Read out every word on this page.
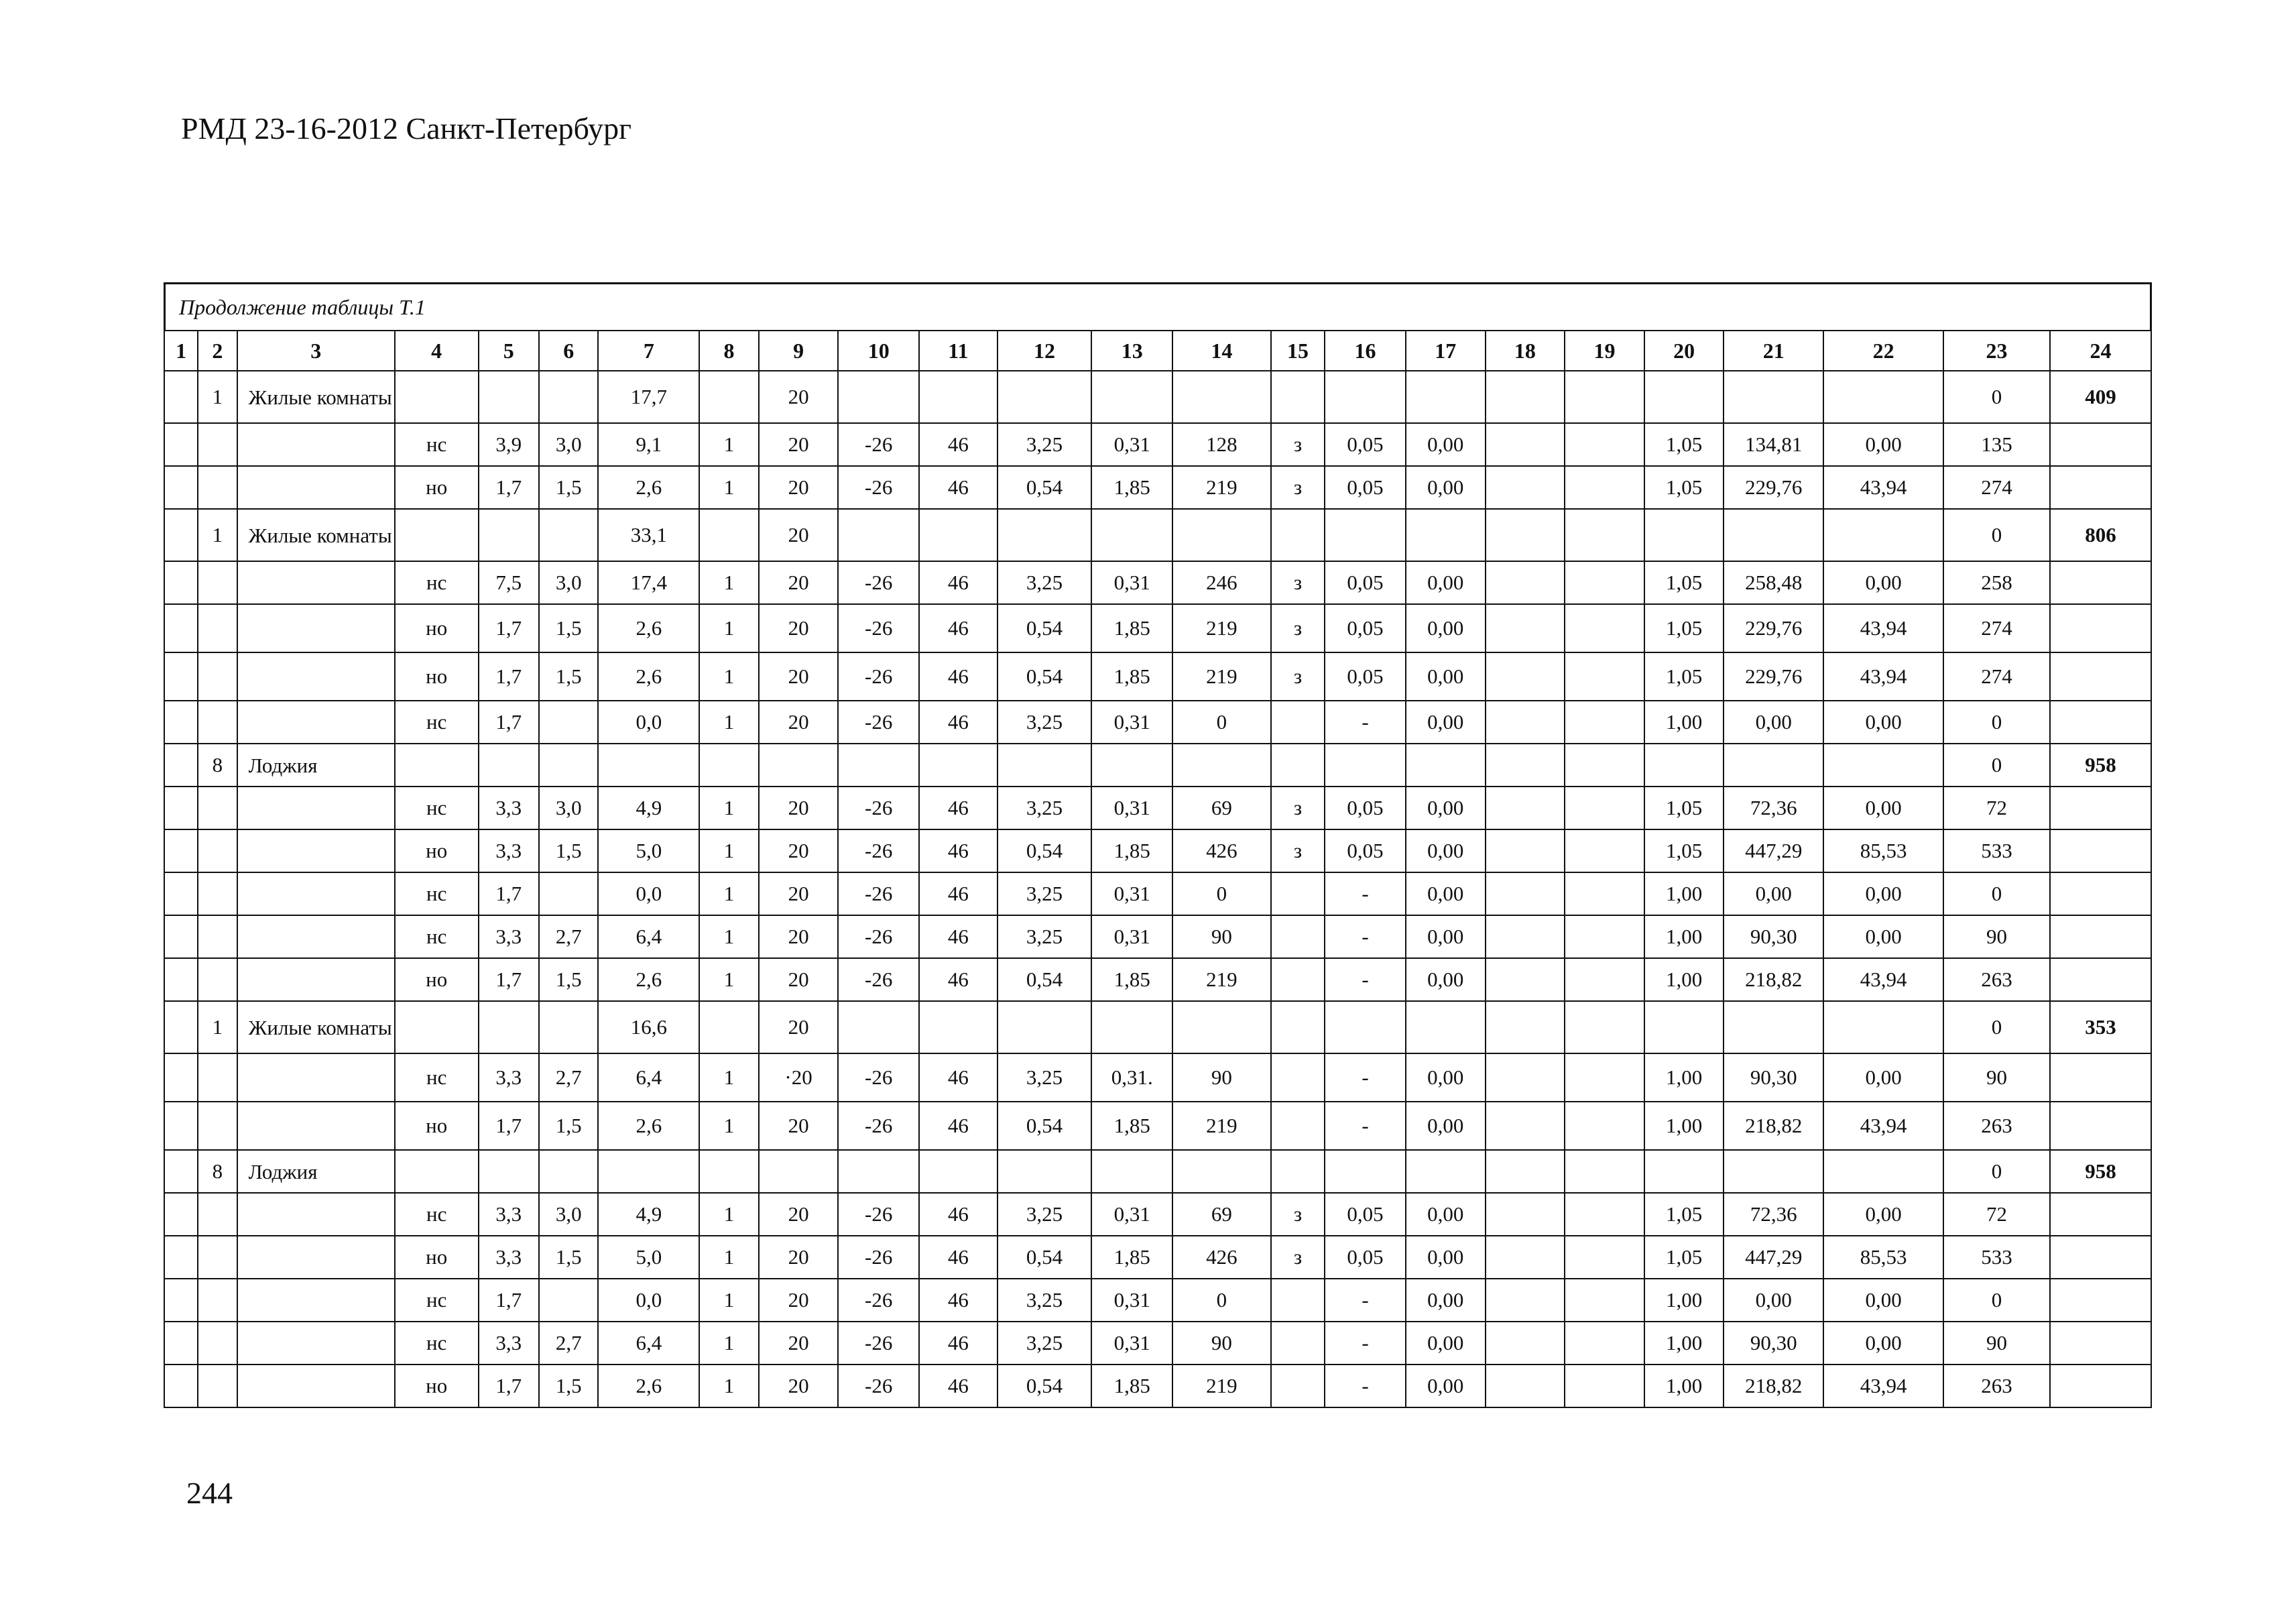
РМД 23-16-2012 Санкт-Петербург
Продолжение таблицы Т.1
1	2	3	4	5	6	7	8	9	10	11	12	13	14	15	16	17	18	19	20	21	22	23	24
	1	Жилые комнаты				17,7		20														0	409
			нс	3,9	3,0	9,1	1	20	-26	46	3,25	0,31	128	з	0,05	0,00			1,05	134,81	0,00	135	
			но	1,7	1,5	2,6	1	20	-26	46	0,54	1,85	219	з	0,05	0,00			1,05	229,76	43,94	274	
	1	Жилые комнаты				33,1		20														0	806
			нс	7,5	3,0	17,4	1	20	-26	46	3,25	0,31	246	з	0,05	0,00			1,05	258,48	0,00	258	
			но	1,7	1,5	2,6	1	20	-26	46	0,54	1,85	219	з	0,05	0,00			1,05	229,76	43,94	274	
			но	1,7	1,5	2,6	1	20	-26	46	0,54	1,85	219	з	0,05	0,00			1,05	229,76	43,94	274	
			нс	1,7		0,0	1	20	-26	46	3,25	0,31	0		-	0,00			1,00	0,00	0,00	0	
	8	Лоджия																				0	958
			нс	3,3	3,0	4,9	1	20	-26	46	3,25	0,31	69	з	0,05	0,00			1,05	72,36	0,00	72	
			но	3,3	1,5	5,0	1	20	-26	46	0,54	1,85	426	з	0,05	0,00			1,05	447,29	85,53	533	
			нс	1,7		0,0	1	20	-26	46	3,25	0,31	0		-	0,00			1,00	0,00	0,00	0	
			нс	3,3	2,7	6,4	1	20	-26	46	3,25	0,31	90		-	0,00			1,00	90,30	0,00	90	
			но	1,7	1,5	2,6	1	20	-26	46	0,54	1,85	219		-	0,00			1,00	218,82	43,94	263	
	1	Жилые комнаты				16,6		20														0	353
			нс	3,3	2,7	6,4	1	·20	-26	46	3,25	0,31.	90		-	0,00			1,00	90,30	0,00	90	
			но	1,7	1,5	2,6	1	20	-26	46	0,54	1,85	219		-	0,00			1,00	218,82	43,94	263	
	8	Лоджия																				0	958
			нс	3,3	3,0	4,9	1	20	-26	46	3,25	0,31	69	з	0,05	0,00			1,05	72,36	0,00	72	
			но	3,3	1,5	5,0	1	20	-26	46	0,54	1,85	426	з	0,05	0,00			1,05	447,29	85,53	533	
			нс	1,7		0,0	1	20	-26	46	3,25	0,31	0		-	0,00			1,00	0,00	0,00	0	
			нс	3,3	2,7	6,4	1	20	-26	46	3,25	0,31	90		-	0,00			1,00	90,30	0,00	90	
			но	1,7	1,5	2,6	1	20	-26	46	0,54	1,85	219		-	0,00			1,00	218,82	43,94	263	
244
